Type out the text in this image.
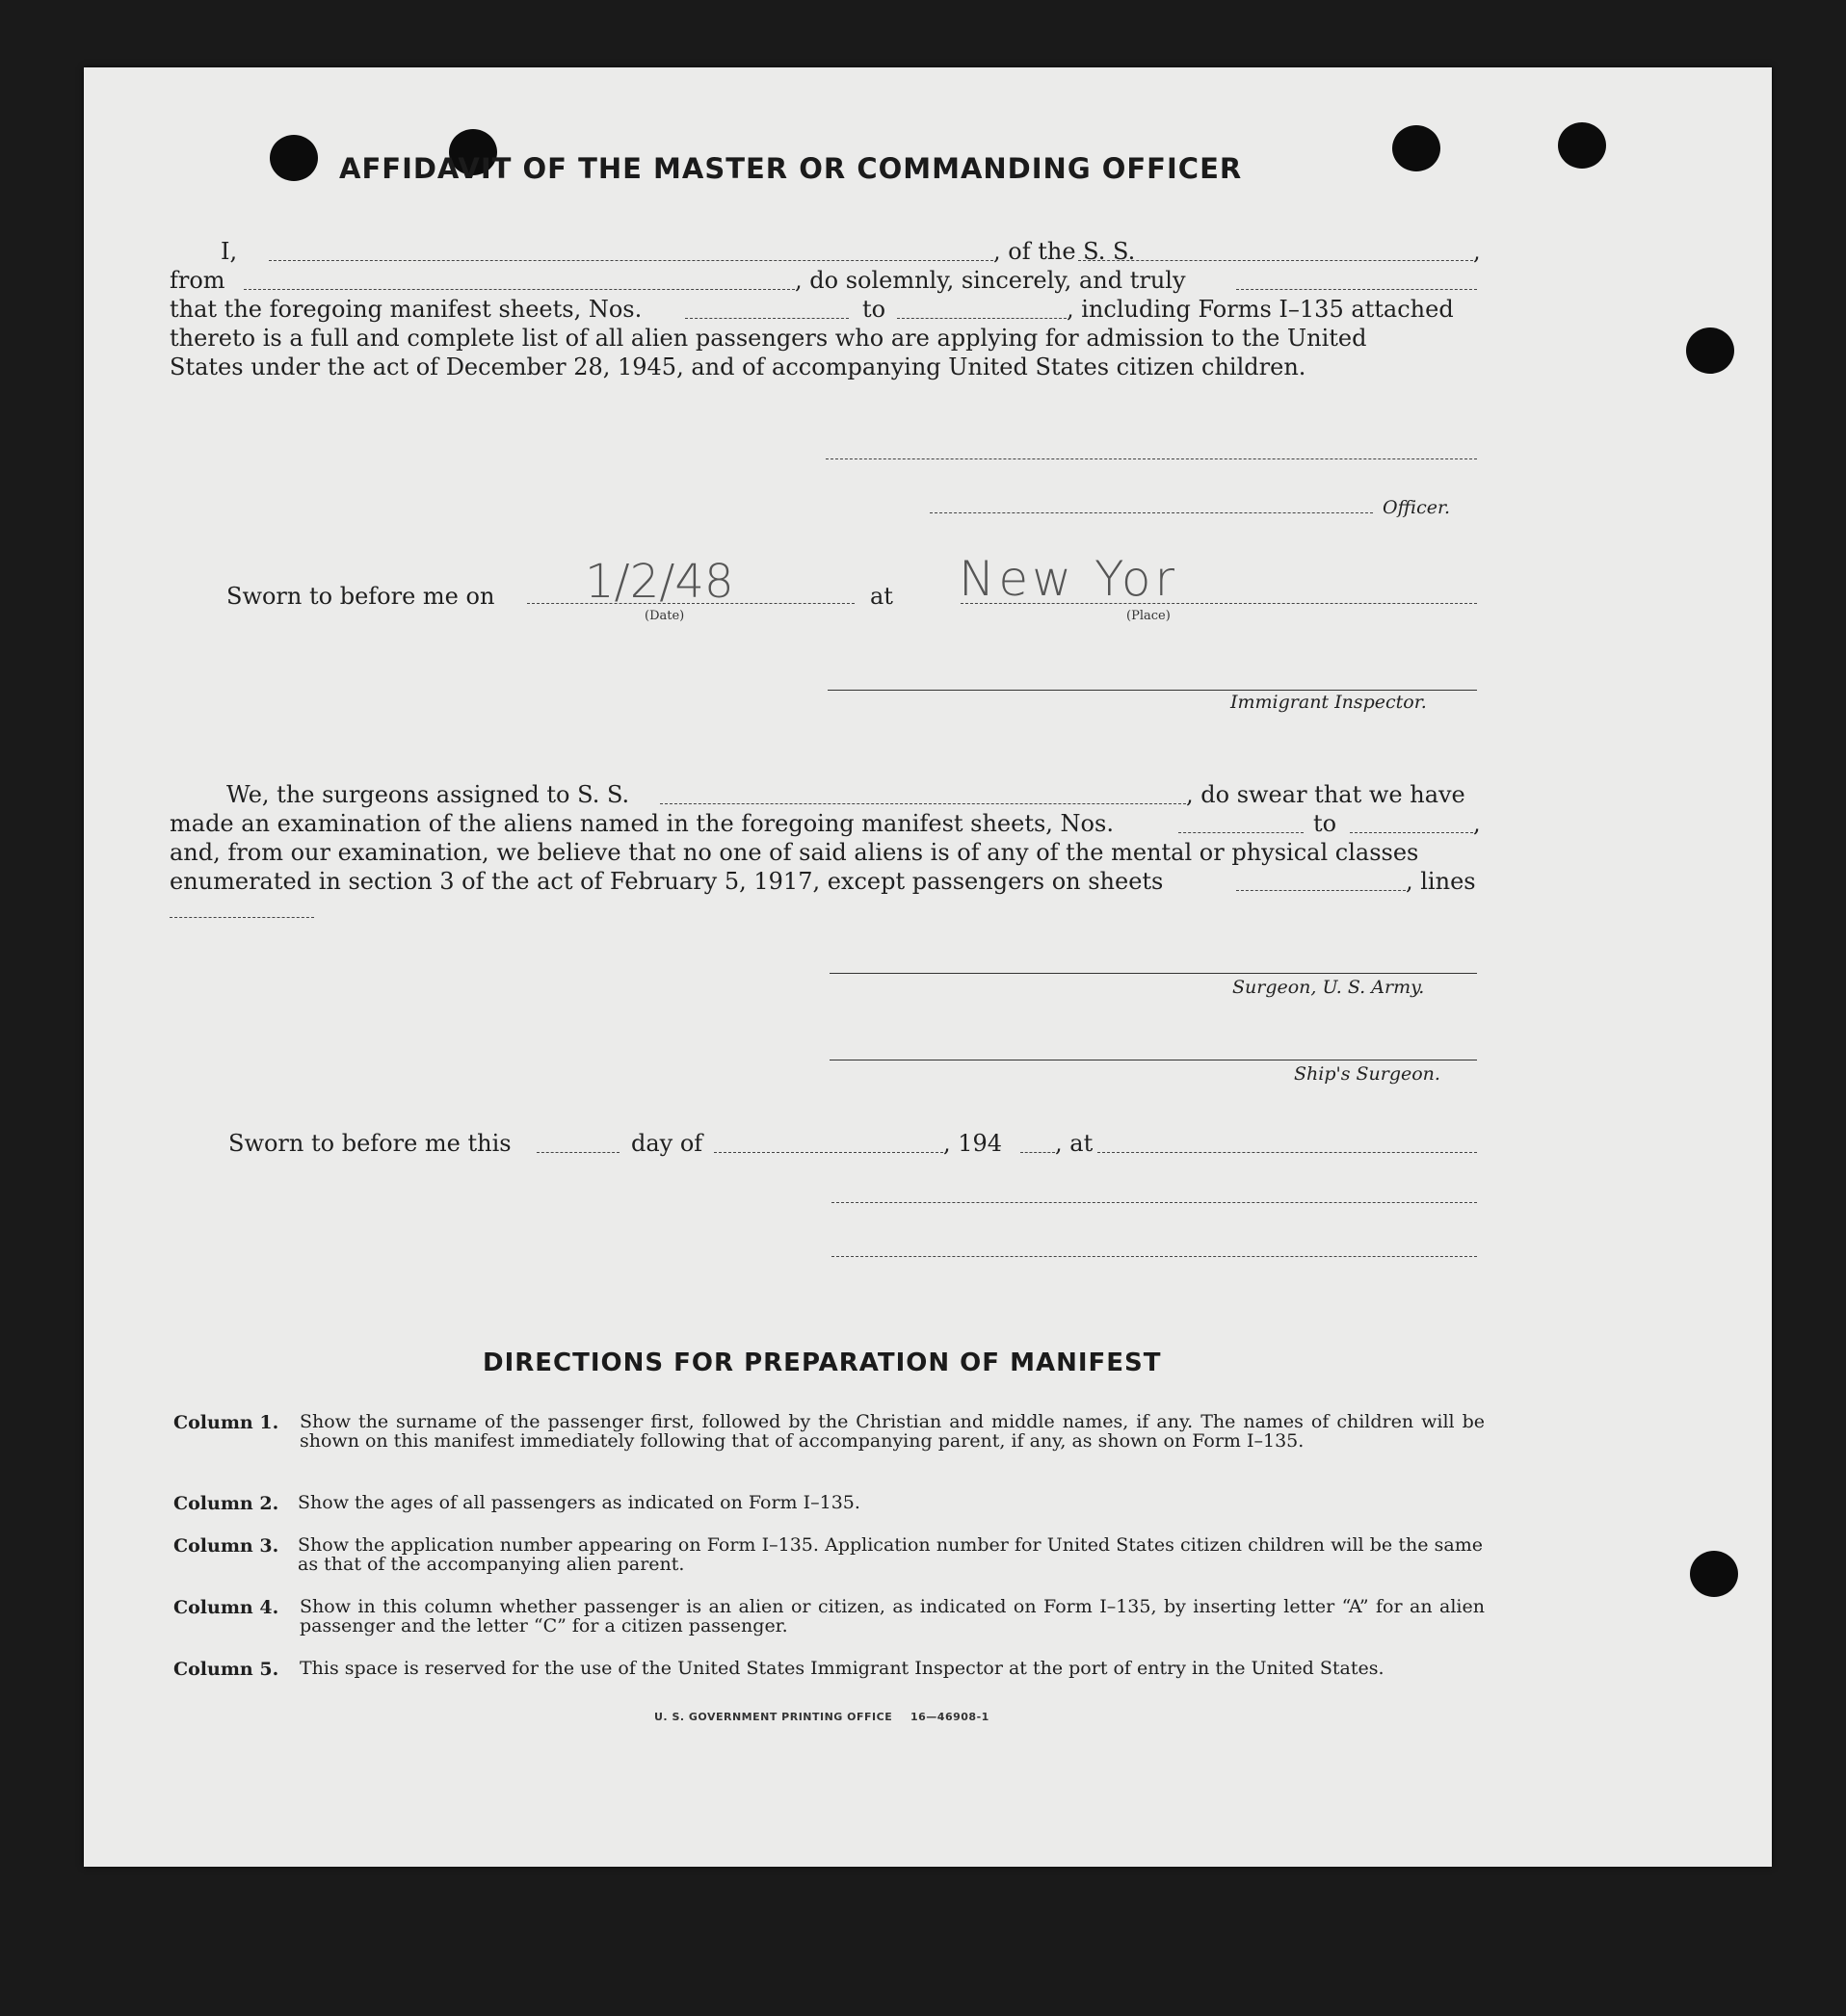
AFFIDAVIT OF THE MASTER OR COMMANDING OFFICER
I,	, of the S. S.	,
from	, do solemnly, sincerely, and truly
that the foregoing manifest sheets, Nos.	to	, including Forms I–135 attached
thereto is a full and complete list of all alien passengers who are applying for admission to the United
States under the act of December 28, 1945, and of accompanying United States citizen children.
Officer.
Sworn to before me on 1/2/48
(Date)
at New Yor
(Place)
Immigrant Inspector.
We, the surgeons assigned to S. S.	, do swear that we have
made an examination of the aliens named in the foregoing manifest sheets, Nos.	to	,
and, from our examination, we believe that no one of said aliens is of any of the mental or physical classes
enumerated in section 3 of the act of February 5, 1917, except passengers on sheets	, lines
Surgeon, U. S. Army.
Ship's Surgeon.
Sworn to before me this	day of	, 194 , at
DIRECTIONS FOR PREPARATION OF MANIFEST
Column 1. Show the surname of the passenger first, followed by the Christian and middle names, if any. The names of children will be shown on this manifest immediately following that of accompanying parent, if any, as shown on Form I–135.
Column 2. Show the ages of all passengers as indicated on Form I–135.
Column 3. Show the application number appearing on Form I–135. Application number for United States citizen children will be the same as that of the accompanying alien parent.
Column 4. Show in this column whether passenger is an alien or citizen, as indicated on Form I–135, by inserting letter “A” for an alien passenger and the letter “C” for a citizen passenger.
Column 5. This space is reserved for the use of the United States Immigrant Inspector at the port of entry in the United States.
U. S. GOVERNMENT PRINTING OFFICE 16—46908-1
